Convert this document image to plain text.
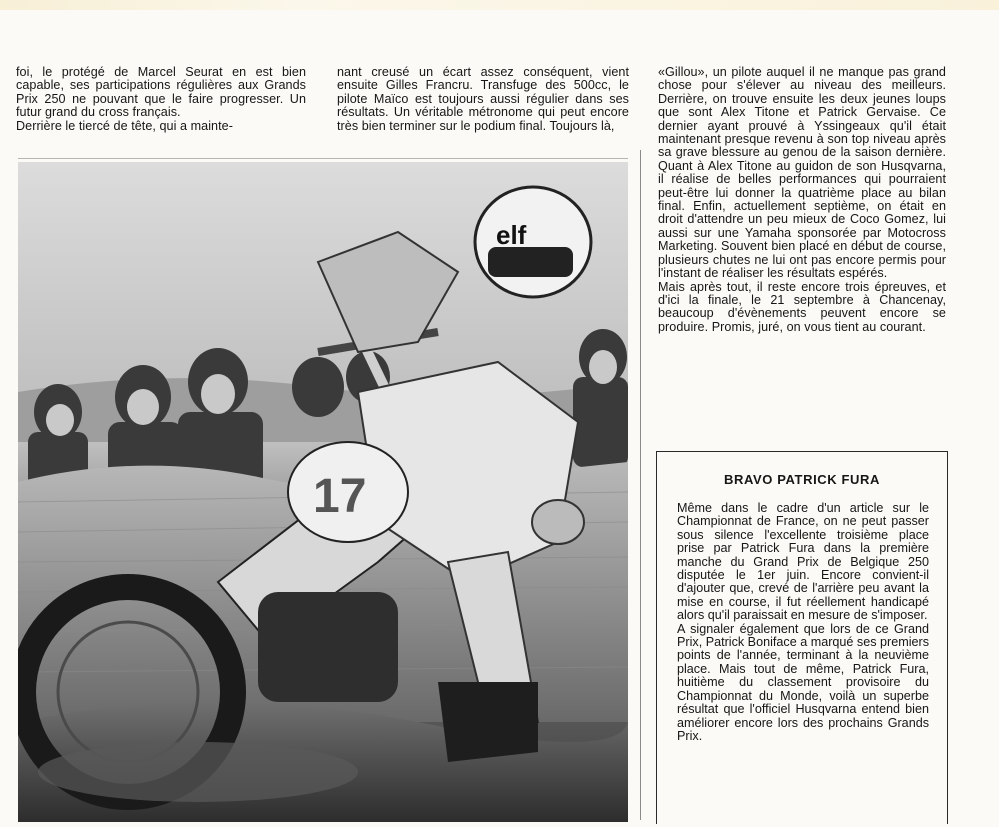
foi, le protégé de Marcel Seurat en est bien capable, ses participations régulières aux Grands Prix 250 ne pouvant que le faire progresser. Un futur grand du cross français.

Derrière le tiercé de tête, qui a mainte-

nant creusé un écart assez conséquent, vient ensuite Gilles Francru. Transfuge des 500cc, le pilote Maïco est toujours aussi régulier dans ses résultats. Un véritable métronome qui peut encore très bien terminer sur le podium final. Toujours là,

«Gillou», un pilote auquel il ne manque pas grand chose pour s'élever au niveau des meilleurs. Derrière, on trouve ensuite les deux jeunes loups que sont Alex Titone et Patrick Gervaise. Ce dernier ayant prouvé à Yssingeaux qu'il était maintenant presque revenu à son top niveau après sa grave blessure au genou de la saison dernière. Quant à Alex Titone au guidon de son Husqvarna, il réalise de belles performances qui pourraient peut-être lui donner la quatrième place au bilan final. Enfin, actuellement septième, on était en droit d'attendre un peu mieux de Coco Gomez, lui aussi sur une Yamaha sponsorée par Motocross Marketing. Souvent bien placé en début de course, plusieurs chutes ne lui ont pas encore permis pour l'instant de réaliser les résultats espérés.

Mais après tout, il reste encore trois épreuves, et d'ici la finale, le 21 septembre à Chancenay, beaucoup d'évènements peuvent encore se produire. Promis, juré, on vous tient au courant.

elf
17	BRAVO PATRICK FURA

Même dans le cadre d'un article sur le Championnat de France, on ne peut passer sous silence l'excellente troisième place prise par Patrick Fura dans la première manche du Grand Prix de Belgique 250 disputée le 1er juin. Encore convient-il d'ajouter que, crevé de l'arrière peu avant la mise en course, il fut réellement handicapé alors qu'il paraissait en mesure de s'imposer.

A signaler également que lors de ce Grand Prix, Patrick Boniface a marqué ses premiers points de l'année, terminant à la neuvième place. Mais tout de même, Patrick Fura, huitième du classement provisoire du Championnat du Monde, voilà un superbe résultat que l'officiel Husqvarna entend bien améliorer encore lors des prochains Grands Prix.
